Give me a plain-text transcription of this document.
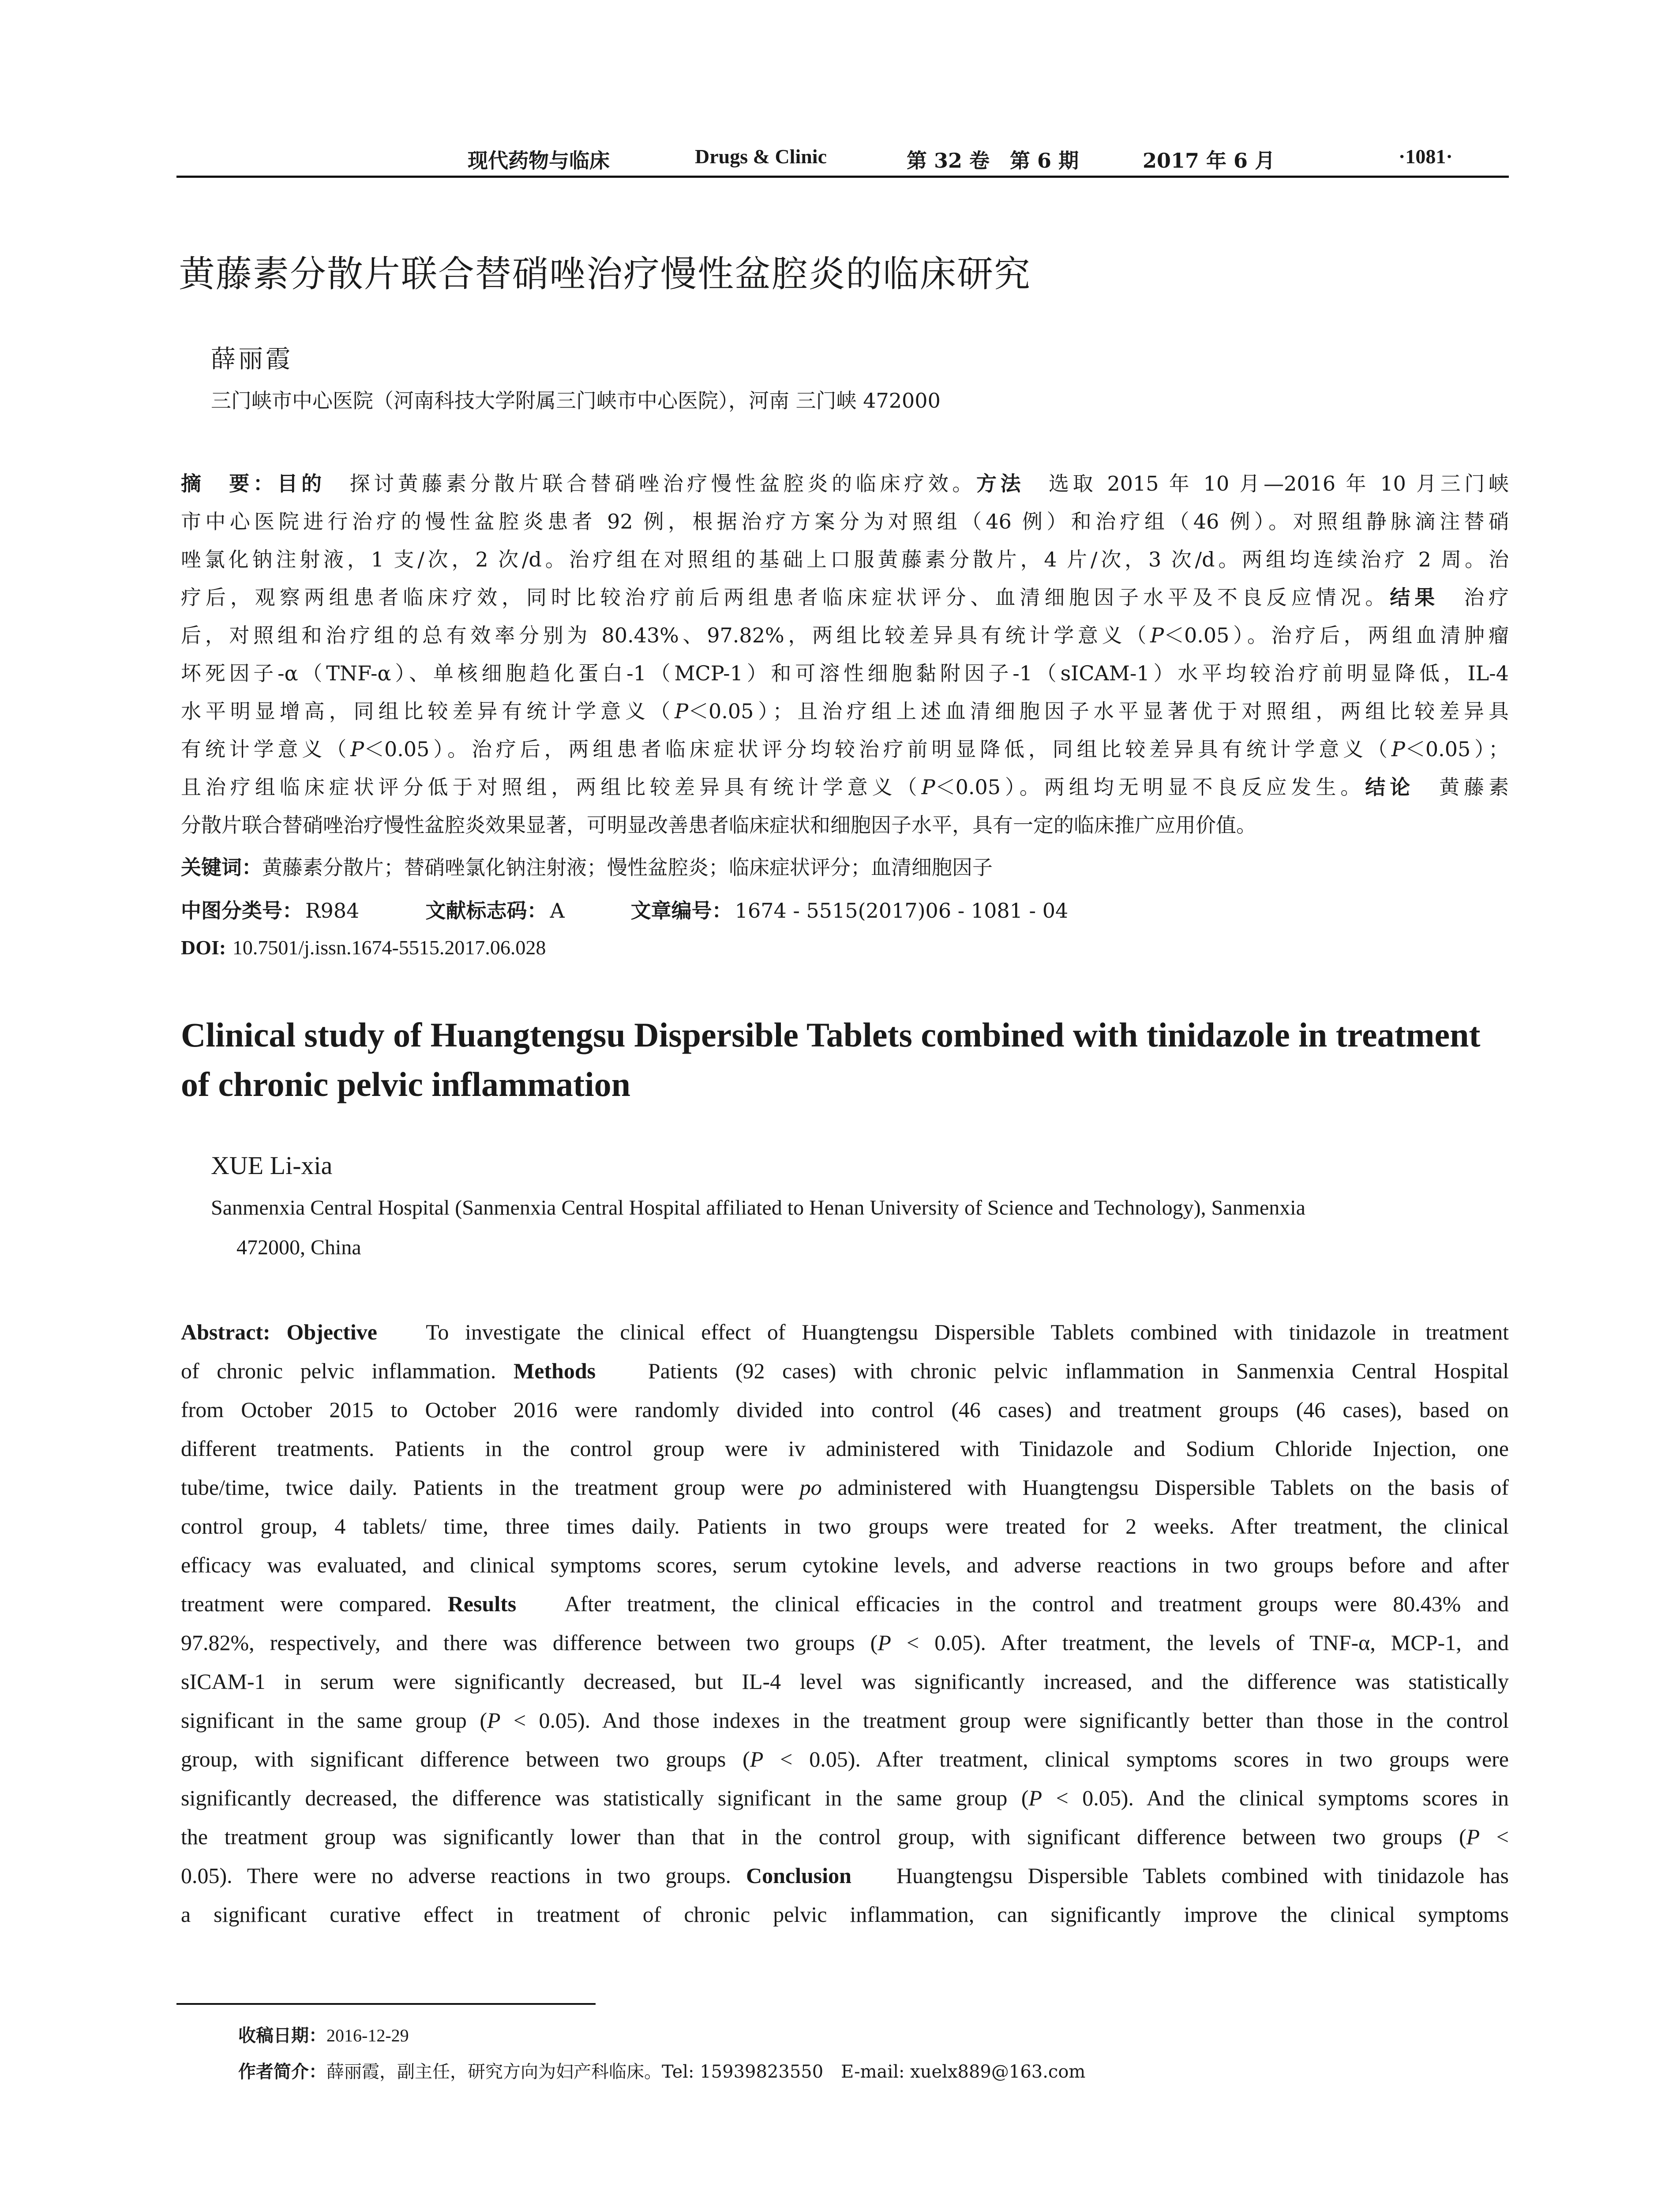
现代药物与临床	Drugs & Clinic	第 32 卷　第 6 期	2017 年 6 月	·1081·
黄藤素分散片联合替硝唑治疗慢性盆腔炎的临床研究
薛丽霞
三门峡市中心医院（河南科技大学附属三门峡市中心医院），河南 三门峡 472000
摘　要：目的　 探讨黄藤素分散片联合替硝唑治疗慢性盆腔炎的临床疗效。方法　 选取 2015 年 10 月—2016 年 10 月三门峡
市中心医院进行治疗的慢性盆腔炎患者 92 例，根据治疗方案分为对照组（46 例）和治疗组（46 例）。对照组静脉滴注替硝
唑氯化钠注射液，1 支/次，2 次/d。治疗组在对照组的基础上口服黄藤素分散片，4 片/次，3 次/d。两组均连续治疗 2 周。治
疗后，观察两组患者临床疗效，同时比较治疗前后两组患者临床症状评分、血清细胞因子水平及不良反应情况。结果　 治疗
后，对照组和治疗组的总有效率分别为 80.43%、97.82%，两组比较差异具有统计学意义（P＜0.05）。治疗后，两组血清肿瘤
坏死因子-α（TNF-α）、单核细胞趋化蛋白-1（MCP-1）和可溶性细胞黏附因子-1（sICAM-1）水平均较治疗前明显降低，IL-4
水平明显增高，同组比较差异有统计学意义（P＜0.05）；且治疗组上述血清细胞因子水平显著优于对照组，两组比较差异具
有统计学意义（P＜0.05）。治疗后，两组患者临床症状评分均较治疗前明显降低，同组比较差异具有统计学意义（P＜0.05）；
且治疗组临床症状评分低于对照组，两组比较差异具有统计学意义（P＜0.05）。两组均无明显不良反应发生。结论　 黄藤素
分散片联合替硝唑治疗慢性盆腔炎效果显著，可明显改善患者临床症状和细胞因子水平，具有一定的临床推广应用价值。
关键词：黄藤素分散片；替硝唑氯化钠注射液；慢性盆腔炎；临床症状评分；血清细胞因子
中图分类号： R984	文献标志码： A	文章编号： 1674 - 5515(2017)06 - 1081 - 04
DOI: 10.7501/j.issn.1674-5515.2017.06.028
Clinical study of Huangtengsu Dispersible Tablets combined with tinidazole in treatment of chronic pelvic inflammation
XUE Li-xia
Sanmenxia Central Hospital (Sanmenxia Central Hospital affiliated to Henan University of Science and Technology), Sanmenxia
472000, China
Abstract: Objective To investigate the clinical effect of Huangtengsu Dispersible Tablets combined with tinidazole in treatment
of chronic pelvic inflammation. Methods Patients (92 cases) with chronic pelvic inflammation in Sanmenxia Central Hospital
from October 2015 to October 2016 were randomly divided into control (46 cases) and treatment groups (46 cases), based on
different treatments. Patients in the control group were iv administered with Tinidazole and Sodium Chloride Injection, one
tube/time, twice daily. Patients in the treatment group were po administered with Huangtengsu Dispersible Tablets on the basis of
control group, 4 tablets/ time, three times daily. Patients in two groups were treated for 2 weeks. After treatment, the clinical
efficacy was evaluated, and clinical symptoms scores, serum cytokine levels, and adverse reactions in two groups before and after
treatment were compared. Results After treatment, the clinical efficacies in the control and treatment groups were 80.43% and
97.82%, respectively, and there was difference between two groups (P < 0.05). After treatment, the levels of TNF-α, MCP-1, and
sICAM-1 in serum were significantly decreased, but IL-4 level was significantly increased, and the difference was statistically
significant in the same group (P < 0.05). And those indexes in the treatment group were significantly better than those in the control
group, with significant difference between two groups (P < 0.05). After treatment, clinical symptoms scores in two groups were
significantly decreased, the difference was statistically significant in the same group (P < 0.05). And the clinical symptoms scores in
the treatment group was significantly lower than that in the control group, with significant difference between two groups (P <
0.05). There were no adverse reactions in two groups. Conclusion Huangtengsu Dispersible Tablets combined with tinidazole has
a significant curative effect in treatment of chronic pelvic inflammation, can significantly improve the clinical symptoms
收稿日期：2016-12-29
作者简介：薛丽霞，副主任，研究方向为妇产科临床。Tel: 15939823550　E-mail: xuelx889@163.com
